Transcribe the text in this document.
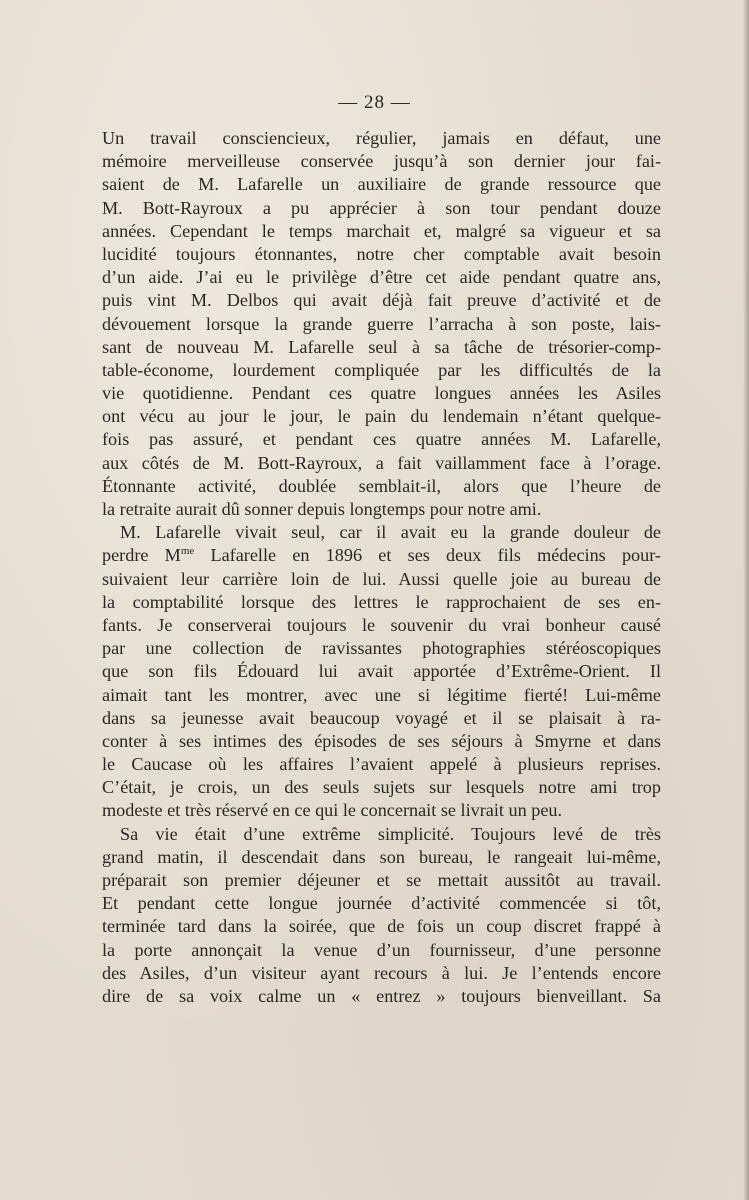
— 28 —
Un travail consciencieux, régulier, jamais en défaut, une
mémoire merveilleuse conservée jusqu’à son dernier jour fai-
saient de M. Lafarelle un auxiliaire de grande ressource que
M. Bott-Rayroux a pu apprécier à son tour pendant douze
années. Cependant le temps marchait et, malgré sa vigueur et sa
lucidité toujours étonnantes, notre cher comptable avait besoin
d’un aide. J’ai eu le privilège d’être cet aide pendant quatre ans,
puis vint M. Delbos qui avait déjà fait preuve d’activité et de
dévouement lorsque la grande guerre l’arracha à son poste, lais-
sant de nouveau M. Lafarelle seul à sa tâche de trésorier-comp-
table-économe, lourdement compliquée par les difficultés de la
vie quotidienne. Pendant ces quatre longues années les Asiles
ont vécu au jour le jour, le pain du lendemain n’étant quelque-
fois pas assuré, et pendant ces quatre années M. Lafarelle,
aux côtés de M. Bott-Rayroux, a fait vaillamment face à l’orage.
Étonnante activité, doublée semblait-il, alors que l’heure de
la retraite aurait dû sonner depuis longtemps pour notre ami.
M. Lafarelle vivait seul, car il avait eu la grande douleur de
perdre $M^{me}$ Lafarelle en 1896 et ses deux fils médecins pour-
suivaient leur carrière loin de lui. Aussi quelle joie au bureau de
la comptabilité lorsque des lettres le rapprochaient de ses en-
fants. Je conserverai toujours le souvenir du vrai bonheur causé
par une collection de ravissantes photographies stéréoscopiques
que son fils Édouard lui avait apportée d’Extrême-Orient. Il
aimait tant les montrer, avec une si légitime fierté! Lui-même
dans sa jeunesse avait beaucoup voyagé et il se plaisait à ra-
conter à ses intimes des épisodes de ses séjours à Smyrne et dans
le Caucase où les affaires l’avaient appelé à plusieurs reprises.
C’était, je crois, un des seuls sujets sur lesquels notre ami trop
modeste et très réservé en ce qui le concernait se livrait un peu.
Sa vie était d’une extrême simplicité. Toujours levé de très
grand matin, il descendait dans son bureau, le rangeait lui-même,
préparait son premier déjeuner et se mettait aussitôt au travail.
Et pendant cette longue journée d’activité commencée si tôt,
terminée tard dans la soirée, que de fois un coup discret frappé à
la porte annonçait la venue d’un fournisseur, d’une personne
des Asiles, d’un visiteur ayant recours à lui. Je l’entends encore
dire de sa voix calme un « entrez » toujours bienveillant. Sa
